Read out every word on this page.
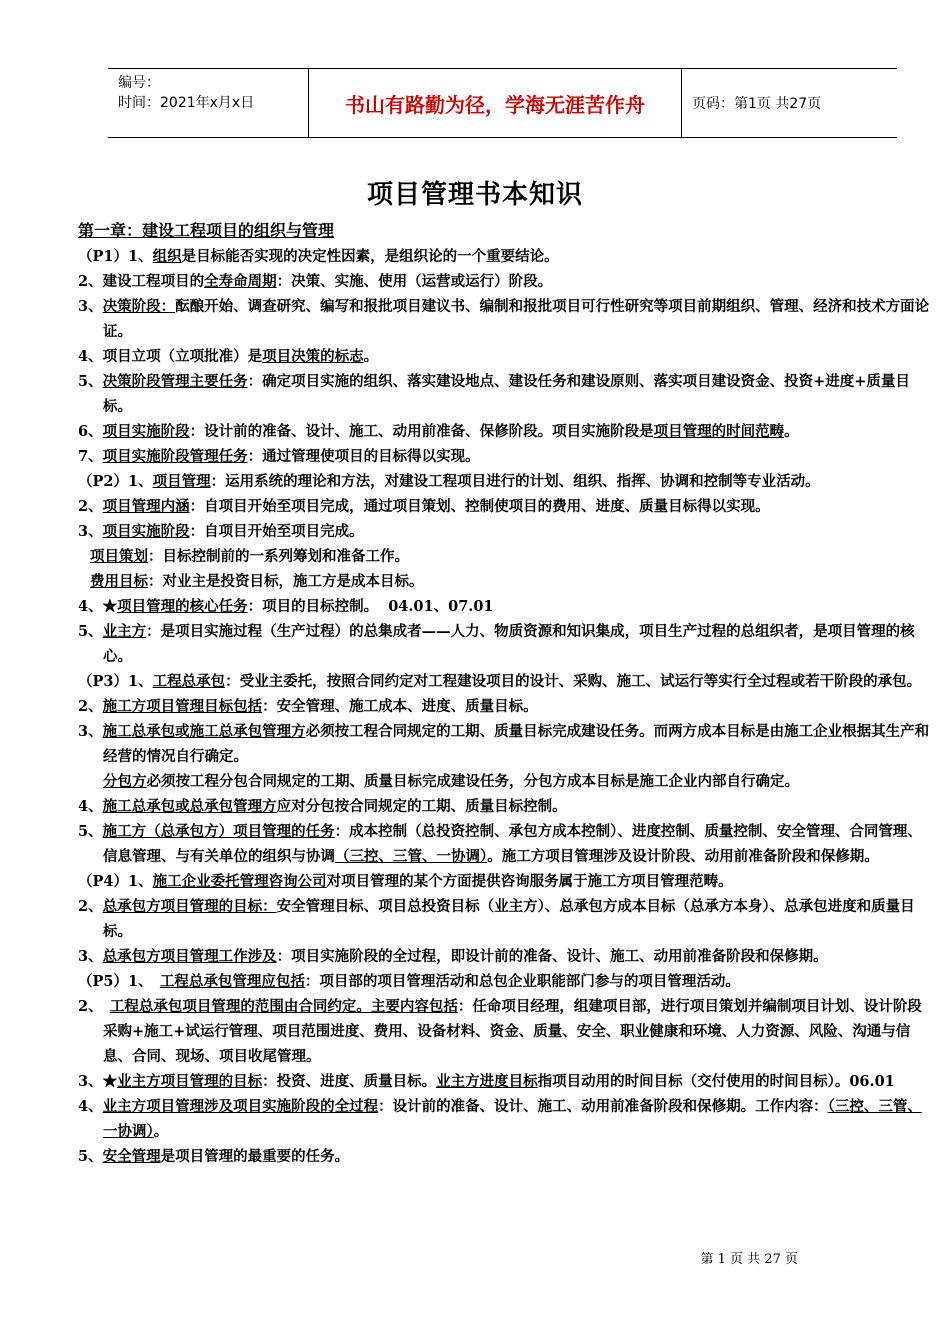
编号：
时间：2021年x月x日	书山有路勤为径，学海无涯苦作舟	页码：第1页 共27页
项目管理书本知识
第一章：建设工程项目的组织与管理
（P1）1、组织是目标能否实现的决定性因素，是组织论的一个重要结论。
2、建设工程项目的全寿命周期：决策、实施、使用（运营或运行）阶段。
3、决策阶段：酝酿开始、调查研究、编写和报批项目建议书、编制和报批项目可行性研究等项目前期组织、管理、经济和技术方面论证。
4、项目立项（立项批准）是项目决策的标志。
5、决策阶段管理主要任务：确定项目实施的组织、落实建设地点、建设任务和建设原则、落实项目建设资金、投资+进度+质量目标。
6、项目实施阶段：设计前的准备、设计、施工、动用前准备、保修阶段。项目实施阶段是项目管理的时间范畴。
7、项目实施阶段管理任务：通过管理使项目的目标得以实现。
（P2）1、项目管理：运用系统的理论和方法，对建设工程项目进行的计划、组织、指挥、协调和控制等专业活动。
2、项目管理内涵：自项目开始至项目完成，通过项目策划、控制使项目的费用、进度、质量目标得以实现。
3、项目实施阶段：自项目开始至项目完成。
项目策划：目标控制前的一系列筹划和准备工作。
费用目标：对业主是投资目标，施工方是成本目标。
4、★项目管理的核心任务：项目的目标控制。 04.01、07.01
5、业主方：是项目实施过程（生产过程）的总集成者——人力、物质资源和知识集成，项目生产过程的总组织者，是项目管理的核心。
（P3）1、工程总承包：受业主委托，按照合同约定对工程建设项目的设计、采购、施工、试运行等实行全过程或若干阶段的承包。
2、施工方项目管理目标包括：安全管理、施工成本、进度、质量目标。
3、施工总承包或施工总承包管理方必须按工程合同规定的工期、质量目标完成建设任务。而两方成本目标是由施工企业根据其生产和经营的情况自行确定。
分包方必须按工程分包合同规定的工期、质量目标完成建设任务，分包方成本目标是施工企业内部自行确定。
4、施工总承包或总承包管理方应对分包按合同规定的工期、质量目标控制。
5、施工方（总承包方）项目管理的任务：成本控制（总投资控制、承包方成本控制）、进度控制、质量控制、安全管理、合同管理、信息管理、与有关单位的组织与协调（三控、三管、一协调）。施工方项目管理涉及设计阶段、动用前准备阶段和保修期。
（P4）1、施工企业委托管理咨询公司对项目管理的某个方面提供咨询服务属于施工方项目管理范畴。
2、总承包方项目管理的目标：安全管理目标、项目总投资目标（业主方）、总承包方成本目标（总承方本身）、总承包进度和质量目标。
3、总承包方项目管理工作涉及：项目实施阶段的全过程，即设计前的准备、设计、施工、动用前准备阶段和保修期。
（P5）1、　工程总承包管理应包括：项目部的项目管理活动和总包企业职能部门参与的项目管理活动。
2、　工程总承包项目管理的范围由合同约定。主要内容包括：任命项目经理，组建项目部，进行项目策划并编制项目计划、设计阶段采购+施工+试运行管理、项目范围进度、费用、设备材料、资金、质量、安全、职业健康和环境、人力资源、风险、沟通与信息、合同、现场、项目收尾管理。
3、★业主方项目管理的目标：投资、进度、质量目标。业主方进度目标指项目动用的时间目标（交付使用的时间目标）。06.01
4、业主方项目管理涉及项目实施阶段的全过程：设计前的准备、设计、施工、动用前准备阶段和保修期。工作内容：（三控、三管、一协调）。
5、安全管理是项目管理的最重要的任务。
第 1 页 共 27 页
